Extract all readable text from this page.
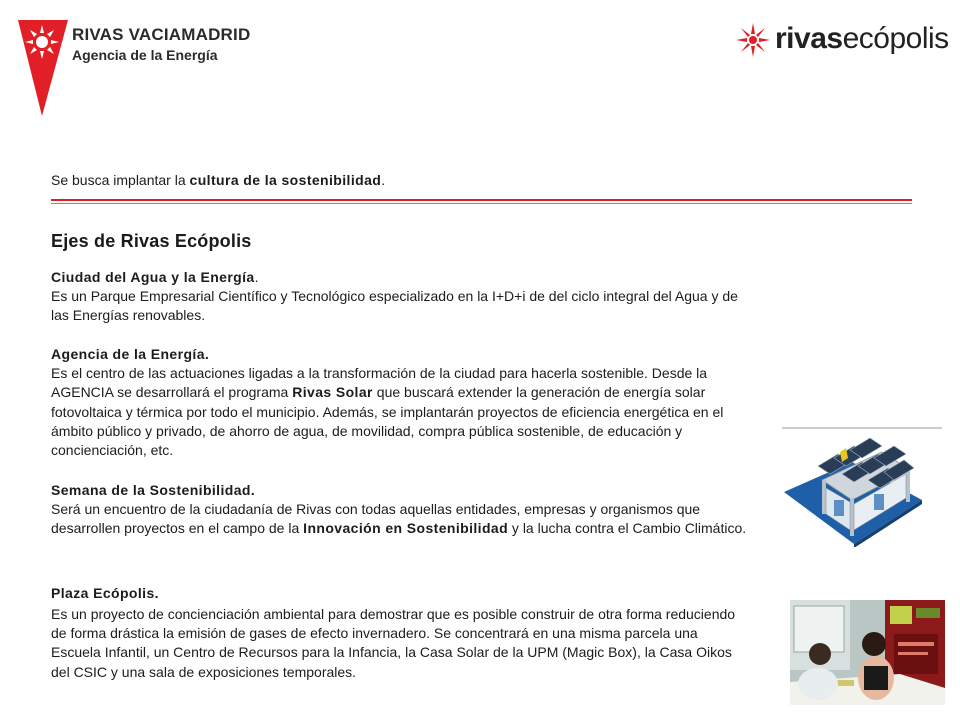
RIVAS VACIAMADRID
Agencia de la Energía	rivasecópolis
Se busca implantar la cultura de la sostenibilidad.
Ejes de Rivas Ecópolis
Ciudad del Agua y la Energía.
Es un Parque Empresarial Científico y Tecnológico especializado en la I+D+i de del ciclo integral del Agua y de las Energías renovables.
Agencia de la Energía.
Es el centro de las actuaciones ligadas a la transformación de la ciudad para hacerla sostenible. Desde la AGENCIA se desarrollará el programa Rivas Solar que buscará extender la generación de energía solar fotovoltaica y térmica por todo el municipio. Además, se implantarán proyectos de eficiencia energética en el ámbito público y privado, de ahorro de agua, de movilidad, compra pública sostenible, de educación y concienciación, etc.
Semana de la Sostenibilidad.
Será un encuentro de la ciudadanía de Rivas con todas aquellas entidades, empresas y organismos que desarrollen proyectos en el campo de la Innovación en Sostenibilidad y la lucha contra el Cambio Climático.
Plaza Ecópolis.
Es un proyecto de concienciación ambiental para demostrar que es posible construir de otra forma reduciendo de forma drástica la emisión de gases de efecto invernadero. Se concentrará en una misma parcela una Escuela Infantil, un Centro de Recursos para la Infancia, la Casa Solar de la UPM (Magic Box), la Casa Oikos del CSIC y una sala de exposiciones temporales.
